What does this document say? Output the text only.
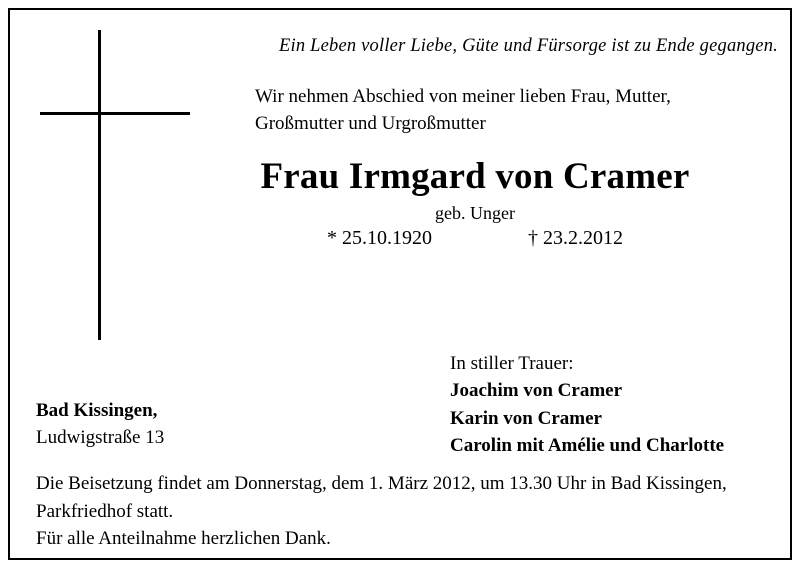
Ein Leben voller Liebe, Güte und Fürsorge ist zu Ende gegangen.
Wir nehmen Abschied von meiner lieben Frau, Mutter,
Großmutter und Urgroßmutter
Frau Irmgard von Cramer
geb. Unger
* 25.10.1920	† 23.2.2012
In stiller Trauer:
Joachim von Cramer
Karin von Cramer
Carolin mit Amélie und Charlotte
Bad Kissingen,
Ludwigstraße 13
Die Beisetzung findet am Donnerstag, dem 1. März 2012, um 13.30 Uhr in Bad Kissingen,
Parkfriedhof statt.
Für alle Anteilnahme herzlichen Dank.
